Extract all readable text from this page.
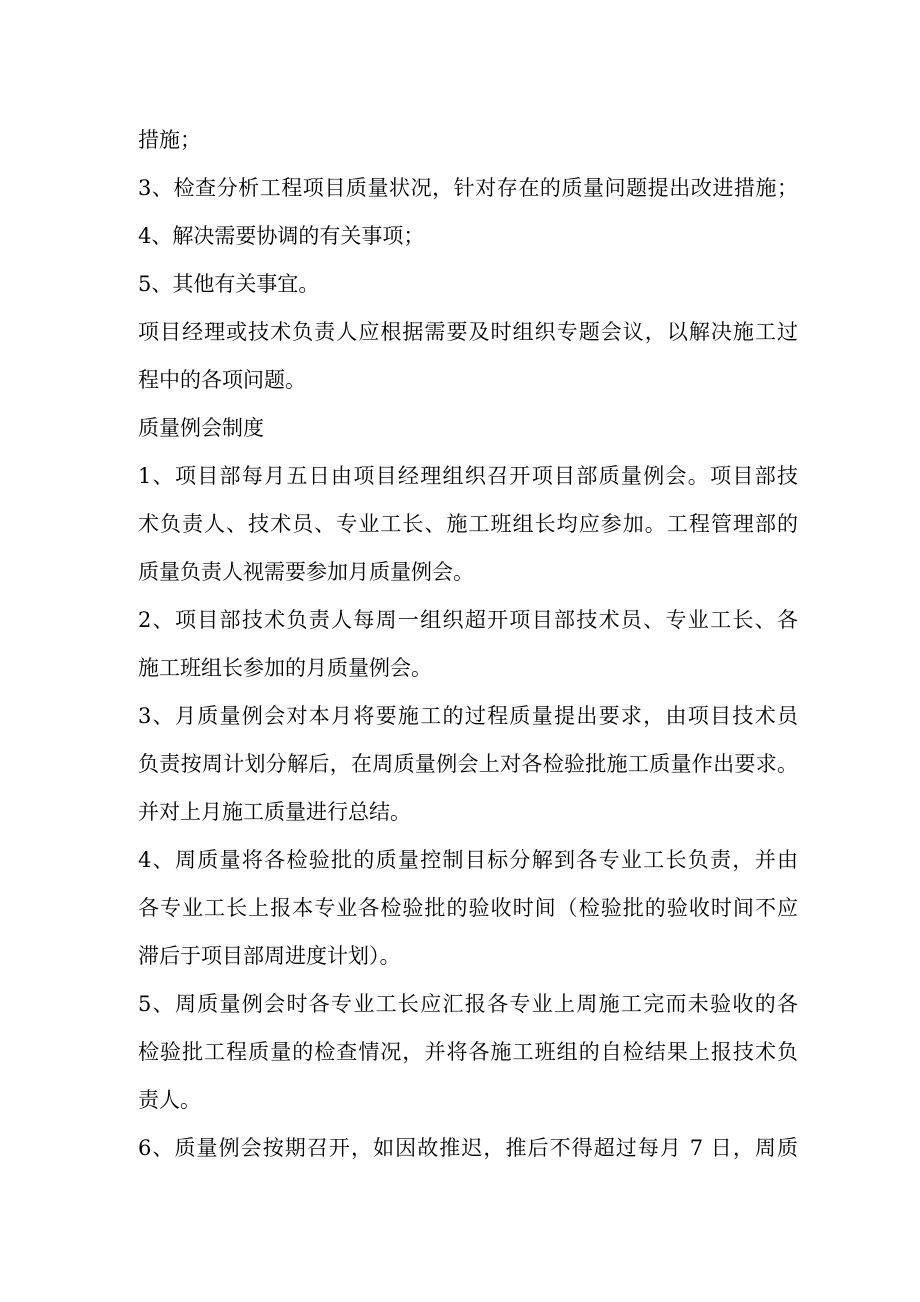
措施；
3、检查分析工程项目质量状况，针对存在的质量问题提出改进措施；
4、解决需要协调的有关事项；
5、其他有关事宜。
项目经理或技术负责人应根据需要及时组织专题会议，以解决施工过
程中的各项问题。
质量例会制度
1、项目部每月五日由项目经理组织召开项目部质量例会。项目部技
术负责人、技术员、专业工长、施工班组长均应参加。工程管理部的
质量负责人视需要参加月质量例会。
2、项目部技术负责人每周一组织超开项目部技术员、专业工长、各
施工班组长参加的月质量例会。
3、月质量例会对本月将要施工的过程质量提出要求，由项目技术员
负责按周计划分解后，在周质量例会上对各检验批施工质量作出要求。
并对上月施工质量进行总结。
4、周质量将各检验批的质量控制目标分解到各专业工长负责，并由
各专业工长上报本专业各检验批的验收时间（检验批的验收时间不应
滞后于项目部周进度计划）。
5、周质量例会时各专业工长应汇报各专业上周施工完而未验收的各
检验批工程质量的检查情况，并将各施工班组的自检结果上报技术负
责人。
6、质量例会按期召开，如因故推迟，推后不得超过每月 7 日，周质
